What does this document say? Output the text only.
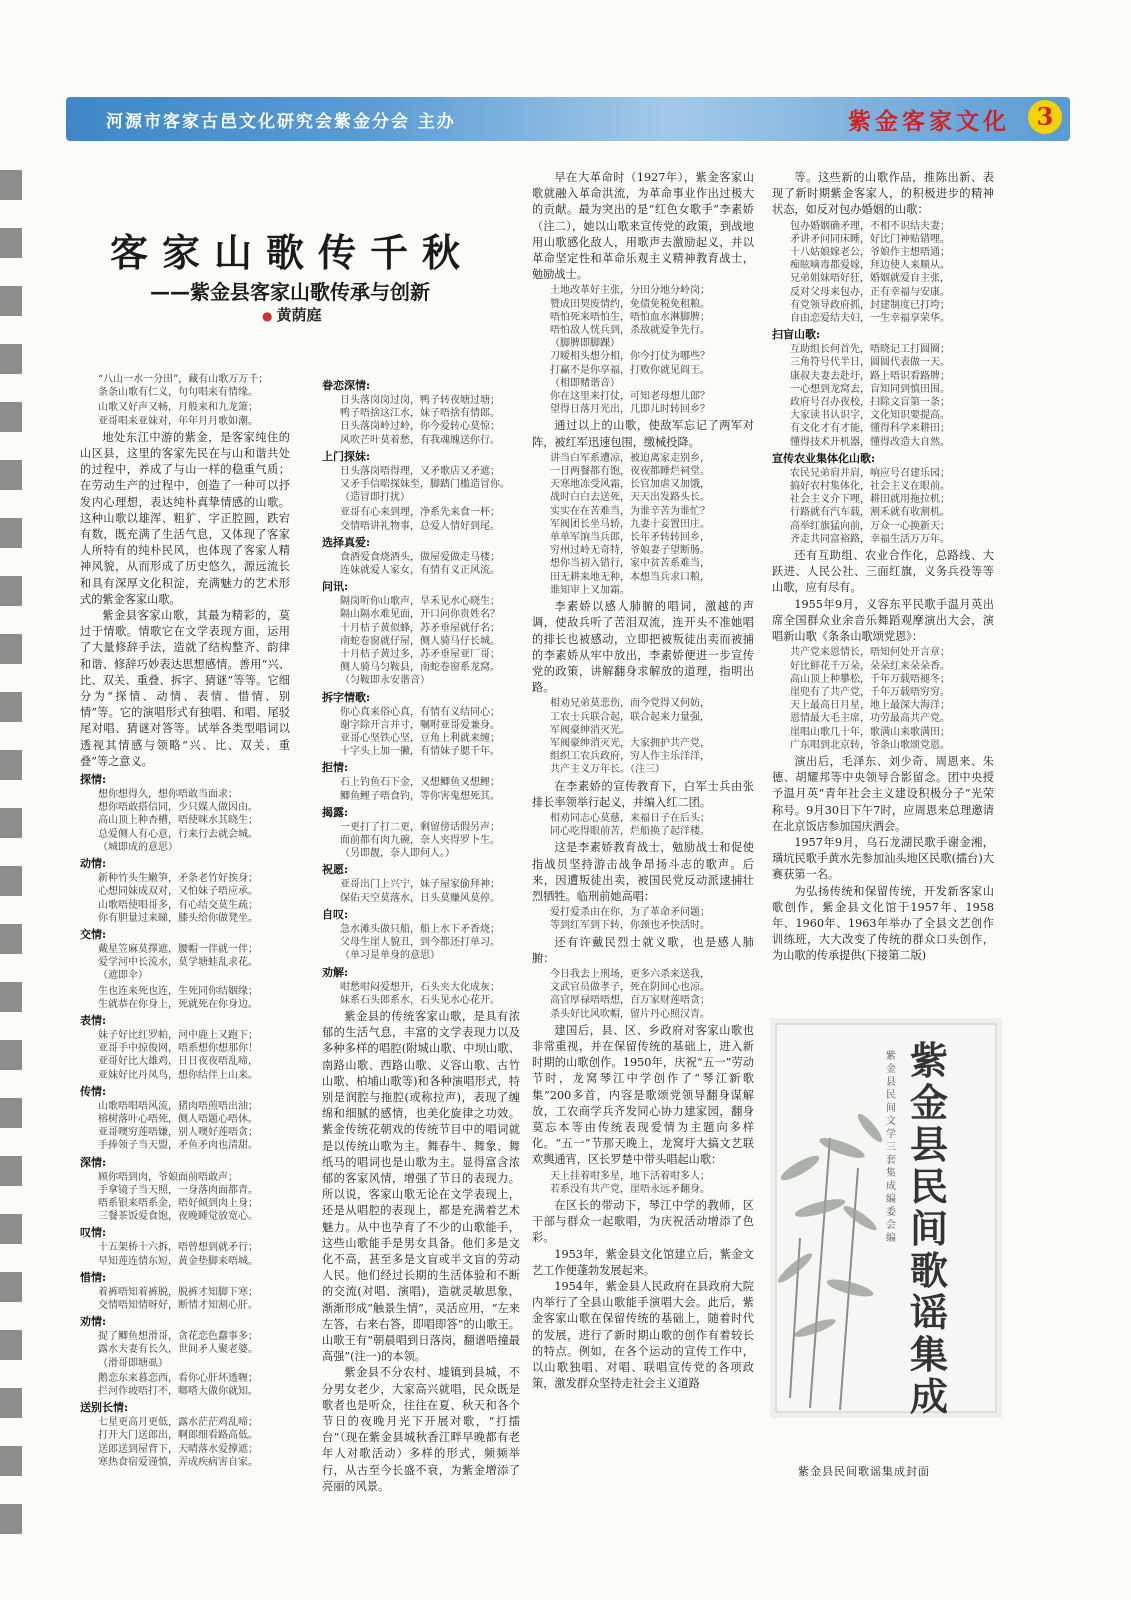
河源市客家古邑文化研究会紫金分会 主办	紫金客家文化	3
客家山歌传千秋
——紫金县客家山歌传承与创新
● 黄荫庭
“八山一水一分田”，藏有山歌万万千；
条条山歌有仁义，句句唱来有情缘。
山歌又好声又畅，月般来和九龙箫；
亚哥唱来亚妹对，年年月月歌如潮。

地处东江中游的紫金，是客家纯住的山区县，这里的客家先民在与山和谐共处的过程中，养成了与山一样的稳重气质；在劳动生产的过程中，创造了一种可以抒发内心理想，表达纯朴真挚情感的山歌。这种山歌以雄浑、粗犷、字正腔圆，跌宕有数，既充满了生活气息，又体现了客家人所特有的纯朴民风，也体现了客家人精神风貌，从而形成了历史悠久，源远流长和具有深厚文化积淀，充满魅力的艺术形式的紫金客家山歌。

紫金县客家山歌，其最为精彩的，莫过于情歌。情歌它在文学表现方面，运用了大量修辞手法，造就了结构整齐、韵律和谐、修辞巧妙表达思想感情。善用“兴、比、双关、重叠、拆字、猜谜”等等。它细分为“探情、动情、表情、惜情、别情”等。它的演唱形式有独唱、和唱、尾驳尾对唱、猜谜对答等。试举各类型唱词以透视其情感与领略“兴、比、双关、重叠”等之意义。

探情:
想你想得久，想你唔敢当面求；
想你唔敢搭信同，少只媒人做因由。
高山顶上种杏槽，唔使咪水其晓生；
总爱侧人有心意，行来行去就会城。
（城即成的意思）
动情:
新种竹头生嫩笋，矛条老竹好挨身；
心想同妹成双对，又怕妹子唔应承。
山歌唔使唱哥多，有心结交莫生疏；
你有胆量过来睇，膝头给你做凳坐。
交情:
戴星笠麻莫擇遮，腰帽一伴就一伴；
爱学河中长流水，莫学塘蛙乱求花。
（遮即伞）
生也连来死也连，生死同你结姻缘；
生就恭在你身上，死就死在你身边。
表情:
妹子好比红罗帕，河中鹿上又跑下；
亚哥手中掠俊网，唔系想你想那你！
亚哥好比大雄鸡，日日夜夜唔乱啼，
亚妹好比丹凤鸟，想你结伴上山来。
传情:
山歌唔唱唔风流，猪肉唔煎唔出油；
榕树落叶心唔死，侧人唔题心唔休。
亚哥噢穷莲唔嫌，别人噢好莲唔贪；
手捧领子当天盟，矛鱼矛肉也清甜。
深情:
顾你唔到肉，爷娘面前唔敢声；
手拿镜子当天照，一身落肉面都青。
唔系银来唔系金，唔好倾到肉上身；
三餐茶饭爱食饱，夜晚睡觉放宽心。
叹情:
十五架桥十六拆，唔曾想到就矛行；
早知莲连情东短，黄金垫脚来唔城。
惜情:
着裤唔知着裤脱，脱裤才知脚下寒；
交情唔知情呀好，断情才知割心肝。
劝情:
捉了鲫鱼想滑哥，贪花恋色蠢事多；
露水夫妻有长久，世间矛人聚老婆。
（滑哥即塘虱）
鹅恋东来暮恋西，看你心肝坏透喱；
拦河作坡唔打不，啷嗒大做你就知。
送别长情:
七星更高月更低，露水茫茫鸡乱啼；
打开大门送郎出，啊郎细看路高低。
送郎送到屋背下，天晴落水爱撑遮；
寒热食宿爱谨慎，弄成疾病害自家。
眷恋深情:
日头落岗岗过岗，鸭子转夜塘过塘；
鸭子唔捨这江水，妹子唔捨有情郎。
日头落岗岭过岭，你今爱转心莫惊；
风吹芒叶莫着愁，有我魂魄送你行。
上门探妹:
日头落岗唔得理，又矛歌店又矛遮；
又矛手信啱探妹至，脚踏门槛造冒你。
（造冒即打扰）
亚哥有心来到埋，净系先来食一杯；
交情唔讲礼物事，总爱人情好到尾。
选择真爱:
食酒爱食烧酒头，做屋爱做走马楼；
连妹就爱人家女，有情有义正风流。
问讯:
隔岗听你山歌声，旱禾见水心晓生；
隔山隔水难见面，开口问你贵姓名？
十月桔子黄似蜂，苏矛垂屋就仔名；
南蛇卷窗就仔屋，侧人骑马仔长城。
十月桔子黄过多，苏矛垂屋亚厂哥；
侧人骑马匀鞍县，南蛇卷窗系龙窝。
（匀鞍即永安谐音）
拆字情歌:
你心真来俗心真，有情有义结同心；
谢字除开言并寸，嘱咐亚哥爱兼身。
亚哥心坚铁心坚，豆角上利就来缠；
十字头上加一撇，有情妹子腮千年。
拒情:
石上钓鱼石下金，又想鲫鱼又想鲤；
鲫鱼鲤子唔食钓，等你害鬼想死其。
揭露:
一更打了打二更，剩留傍话假另声；
面前都有肉九碗，奈人夹得罗卜生。
（另即靓，奈人即何人。）
祝愿:
亚哥出门上兴宁，妹子屋家偷拜神；
保佑天空莫落水，日头莫赚风莫停。
自叹:
急水滩头做只船，船上水下矛香烧；
父母生崖人貌丑，到今都还打单习。
（单习是单身的意思）
劝解:
咁愁咁闷爱想开，石头夹大化成灰；
妹系石头郎系水，石头见水心花开。

紫金县的传统客家山歌，是具有浓郁的生活气息，丰富的文学表现力以及多种多样的唱腔(附城山歌、中坝山歌、南路山歌、西路山歌、义容山歌、古竹山歌、柏埔山歌等)和各种演唱形式，特别是润腔与拖腔(或称拉声)，表现了缠绵和细腻的感情，也美化旋律之功效。紫金传统花朝戏的传统节目中的唱词就是以传统山歌为主。舞春牛、舞象、舞纸马的唱词也是山歌为主。显得富含浓郁的客家风情，增强了节日的表现力。所以说，客家山歌无论在文学表现上，还是从唱腔的表现上，都是充满着艺术魅力。从中也孕育了不少的山歌能手，这些山歌能手是男女具备。他们多是文化不高，甚至多是文盲或半文盲的劳动人民。他们经过长期的生活体验和不断的交流(对唱、演唱)，造就灵敏思象，渐渐形成“触景生情”，灵活应用，“左来左答，右来右答，即唱即答”的山歌王。山歌王有“朝晨唱到日落岗，翻谱唔撞最高强”(注一)的本领。

紫金县不分农村、墟镇到县城，不分男女老少，大家高兴就唱，民众既是歌者也是听众，往往在夏、秋天和各个节日的夜晚月光下开展对歌，“打擂台”（现在紫金县城秋香江畔早晚都有老年人对歌活动）多样的形式，频频举行，从古至今长盛不衰，为紫金增添了亮丽的风景。

早在大革命时（1927年），紫金客家山歌就融入革命洪流，为革命事业作出过极大的贡献。最为突出的是“红色女歌手”李素娇（注二），她以山歌来宣传党的政策，到战地用山歌感化敌人，用歌声去激励起义，并以革命坚定性和革命乐观主义精神教育战士，勉励战士。

土地改革好主张，分田分地分岭岗；
赞成田契废情约，免债免税免租粮。
唔怕死来唔怕生，唔怕血水淋脚脾；
唔怕敌人恍兵到，杀敌就爱争先行。
（脚脾即脚踝）
刀嗳相头想分相，你今打仗为哪些？
打赢不是你享福，打败你就见阎王。
（相即赌谐音）
你在这里来打仗，可知老母想儿郎？
望得日落月光出，几即儿时转回乡？

通过以上的山歌，使敌军忘记了两军对阵，被红军迅速包围，缴械投降。

讲当白军系遭凉，被迫离家走别乡，
一日两餐都冇饱，夜夜都睡烂祠堂。
天寒地冻受风霜，长官加虐又加饿，
战时白白去送死，天天出发路头长。
实实在在苦难当，为谁辛苦为谁忙？
军阀团长坐马轿，九妻十妾置田庄。
单单军饷当兵郎，长年矛转转回乡，
穷州过岭无奇特，爷娘妻子望断肠。
想你当初入错行，家中贫苦系难当，
田无耕来地无种，本想当兵求口粮，
谁知审上又加霜。

李素娇以感人肺腑的唱词，激越的声调，使敌兵听了苦泪双流，连开头不准她唱的排长也被感动，立即把被叛徒出卖而被捕的李素娇从牢中放出，李素娇便进一步宣传党的政策，讲解翻身求解放的道理，指明出路。

相劝兄弟莫悲伤，而今党得又何妨，
工农士兵联合起，联合起来力量强，
军阀豪绅消灭光。
军阀豪绅消灭光，大家拥护共产党，
组织工农兵政府，穷人作主乐洋洋，
共产主义万年长。（注三）

在李素娇的宣传教育下，白军士兵由张排长率领举行起义，并编入红二团。

相劝同志心莫慈，来福日子在后头；
同心吃得眼前苦，烂船换了起洋楼。

这是李素娇教育战士，勉励战士和促使指战员坚持游击战争昂扬斗志的歌声。后来，因遭叛徒出卖，被国民党反动派逮捕壮烈牺牲。临刑前她高唱：

爱打爱杀由在你，为了革命矛问题；
等到红军到下转，你颈也矛快活时。

还有许戴民烈士就义歌，也是感人肺腑：

今日我去上刑场，更多六杀来送我，
文武官员做孝子，死在阴间心也凉。
高官厚禄唔唔想，百万家财莲唔贪；
杀头好比风吹帽，留片丹心照汉青。

建国后，县、区、乡政府对客家山歌也非常重视，并在保留传统的基础上，进入新时期的山歌创作。1950年，庆祝“五一”劳动节时，龙窝琴江中学创作了“琴江新歌集”200多首，内容是歌颂党领导翻身谋解放，工农商学兵齐发同心协力建家园，翻身莫忘本等由传统表现爱情为主题向多样化。“五一”节那天晚上，龙窝圩大搞文艺联欢舆通宵，区长罗楚中带头唱起山歌：

天上挂着咁多星，地下活着咁多人；
若系没有共产党，崖唔永远矛翻身。

在区长的带动下，琴江中学的教师，区干部与群众一起歌唱，为庆祝活动增添了色彩。

1953年，紫金县文化馆建立后，紫金文艺工作便蓬勃发展起来。

1954年，紫金县人民政府在县政府大院内举行了全县山歌能手演唱大会。此后，紫金客家山歌在保留传统的基础上，随着时代的发展，进行了新时期山歌的创作有着较长的特点。例如，在各个运动的宣传工作中，以山歌独唱、对唱、联唱宣传党的各项政策，激发群众坚持走社会主义道路

等。这些新的山歌作品，推陈出新、表现了新时期紫金客家人，的积极进步的精神状态，如反对包办婚姻的山歌：

包办婚姻确矛理，不相不识结夫妻；
矛讲矛问同床睡，好比门神贴错哩。
十八姑娘嫁老公，爷娘作主想唔通；
痴眩嘀毒都爱嫁，拜边使人来顺从。
兄弟姐妹唔好狂，婚姻就爱自主张，
反对父母来包办，正有幸福与安康。
有党领导政府抓，封建制度已打垮；
自由恋爱结夫妇，一生幸福享荣华。
扫盲山歌:
互助组长何首先，唔晓记工打圆圈；
三角符号代半日，圆圆代表做一天。
康叔夫妻去赴圩，路上唔识看路牌；
一心想到龙窝去，盲知同到慎田围。
政府号召办夜校，扫除文盲第一条；
大家读书认识字，文化知识要提高。
有文化才有才能，懂得科学来耕田；
懂得技术开机器，懂得改造大自然。
宣传农业集体化山歌:
农民兄弟肩并肩，响应号召建乐园；
搞好农村集体化，社会主义在眼前。
社会主义介下哩，耕田就用拖拉机；
行路就有汽车载，割禾就有收割机。
高举红旗猛向前，万众一心换新天；
齐走共同富裕路，幸福生活万万年。

还有互助组、农业合作化，总路线、大跃进、人民公社、三面红旗，义务兵役等等山歌，应有尽有。

1955年9月，义容东平民歌手温月英出席全国群众业余音乐舞蹈观摩演出大会，演唱新山歌《条条山歌颂党恩》：

共产党来恩情长，唔知何处开言章；
好比鲜花千万朵，朵朵红来朵朵香。
高山顶上种攀松，千年万载唔褪冬；
崖兜有了共产党，千年万载唔穷穷。
天上最高日月星，地上最深大海洋；
恩情最大毛主席，功劳最高共产党。
崖唱山歌几十年，歌满山来歌满田；
广东唱到北京转，爷条山歌颂党恩。

演出后，毛泽东、刘少奇、周恩来、朱德、胡耀邦等中央领导合影留念。团中央授予温月英“青年社会主义建设积极分子”光荣称号。9月30日下午7时，应周恩来总理邀请在北京饭店参加国庆酒会。

1957年9月，乌石龙湖民歌手谢金湘，璜坑民歌手黄水先参加汕头地区民歌(擂台)大赛获第一名。

为弘扬传统和保留传统，开发新客家山歌创作，紫金县文化馆于1957年、1958年、1960年、1963年举办了全县文艺创作训练班，大大改变了传统的群众口头创作，为山歌的传承提供(下接第二版)

紫金县民间歌谣集成
紫金县民间文学三套集成编委会编
紫金县民间歌谣集成封面
